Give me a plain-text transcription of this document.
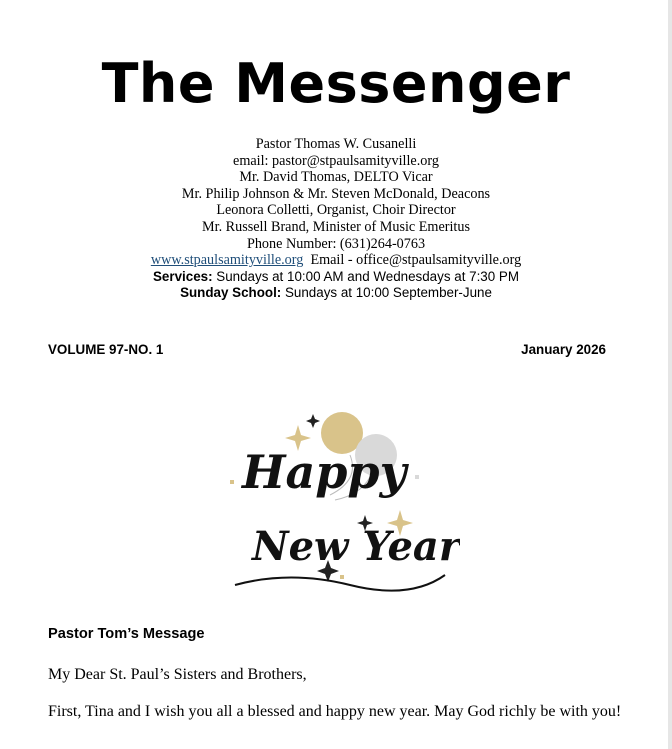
The Messenger
Pastor Thomas W. Cusanelli
email: pastor@stpaulsamityville.org
Mr. David Thomas, DELTO Vicar
Mr. Philip Johnson & Mr. Steven McDonald, Deacons
Leonora Colletti, Organist, Choir Director
Mr. Russell Brand, Minister of Music Emeritus
Phone Number: (631)264-0763
www.stpaulsamityville.org Email - office@stpaulsamityville.org
Services: Sundays at 10:00 AM and Wednesdays at 7:30 PM
Sunday School: Sundays at 10:00 September-June
VOLUME 97-NO. 1	January 2026
Happy
New Year
Pastor Tom’s Message
My Dear St. Paul’s Sisters and Brothers,
First, Tina and I wish you all a blessed and happy new year. May God richly be with you!
